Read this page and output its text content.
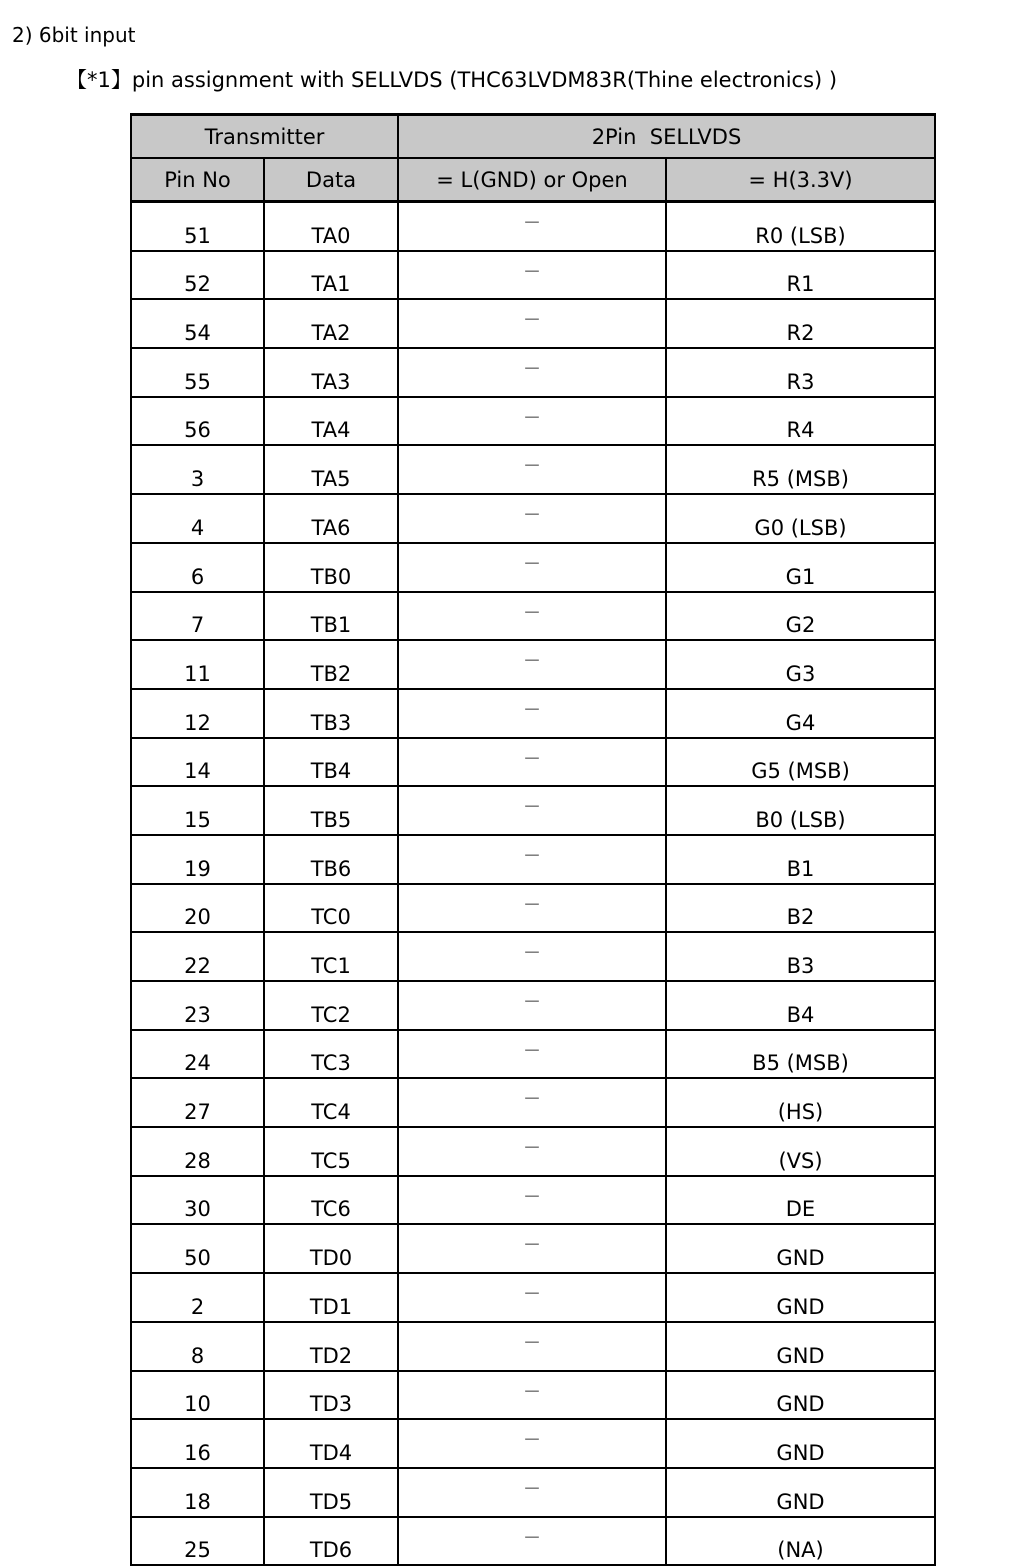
2) 6bit input
【*1】pin assignment with SELLVDS (THC63LVDM83R(Thine electronics) )
Transmitter		2Pin  SELLVDS	
Pin No	Data	= L(GND) or Open	= H(3.3V)
51	TA0	－	R0 (LSB)
52	TA1	－	R1
54	TA2	－	R2
55	TA3	－	R3
56	TA4	－	R4
3	TA5	－	R5 (MSB)
4	TA6	－	G0 (LSB)
6	TB0	－	G1
7	TB1	－	G2
11	TB2	－	G3
12	TB3	－	G4
14	TB4	－	G5 (MSB)
15	TB5	－	B0 (LSB)
19	TB6	－	B1
20	TC0	－	B2
22	TC1	－	B3
23	TC2	－	B4
24	TC3	－	B5 (MSB)
27	TC4	－	(HS)
28	TC5	－	(VS)
30	TC6	－	DE
50	TD0	－	GND
2	TD1	－	GND
8	TD2	－	GND
10	TD3	－	GND
16	TD4	－	GND
18	TD5	－	GND
25	TD6	－	(NA)
